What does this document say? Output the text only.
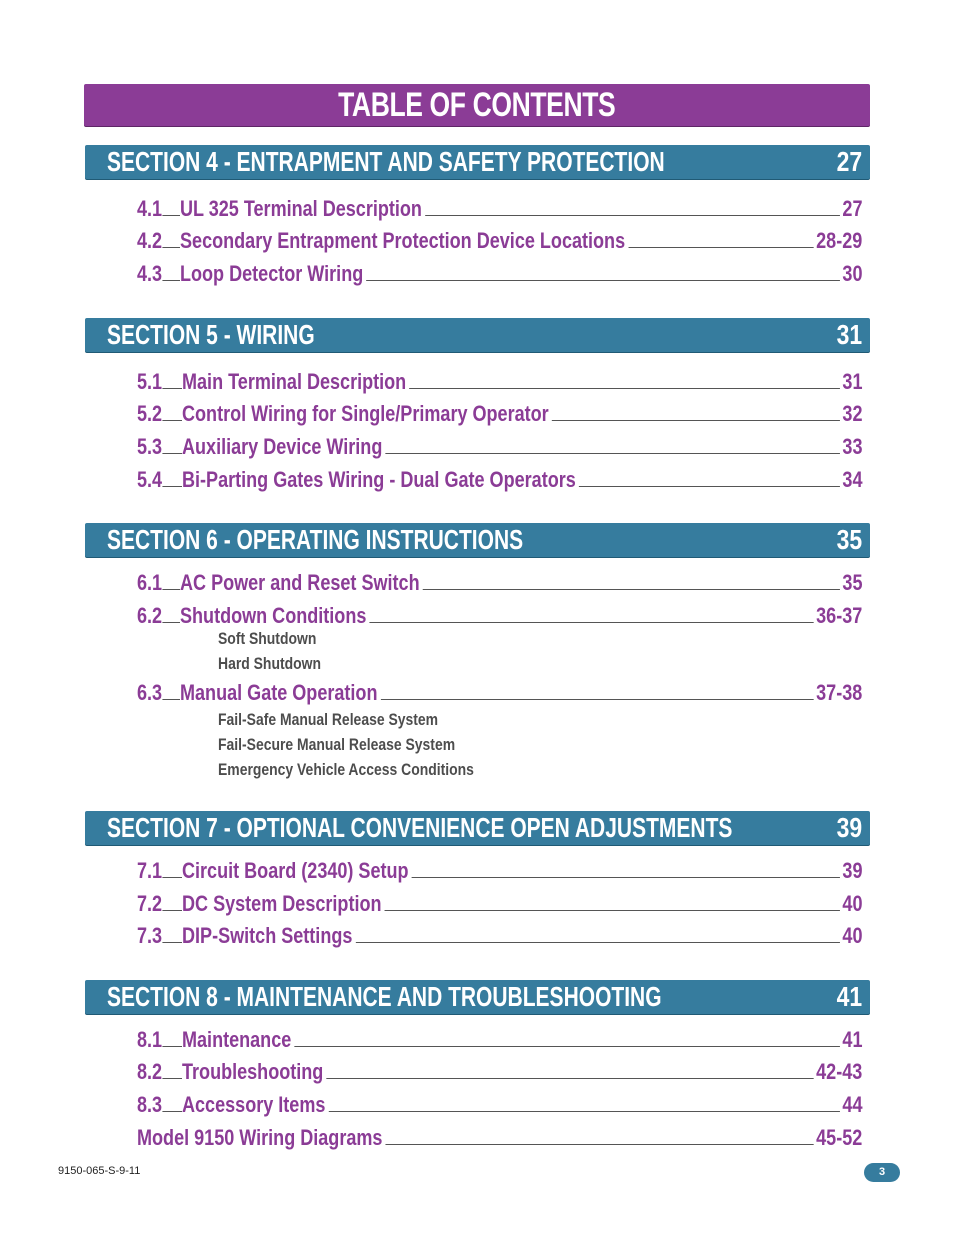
TABLE OF CONTENTS
SECTION 4 - ENTRAPMENT AND SAFETY PROTECTION	27
4.1 UL 325 Terminal Description	27
4.2 Secondary Entrapment Protection Device Locations	28-29
4.3 Loop Detector Wiring	30
SECTION 5 - WIRING	31
5.1 Main Terminal Description	31
5.2 Control Wiring for Single/Primary Operator	32
5.3 Auxiliary Device Wiring	33
5.4 Bi-Parting Gates Wiring - Dual Gate Operators	34
SECTION 6 - OPERATING INSTRUCTIONS	35
6.1 AC Power and Reset Switch	35
6.2 Shutdown Conditions	36-37
Soft Shutdown
Hard Shutdown
6.3 Manual Gate Operation	37-38
Fail-Safe Manual Release System
Fail-Secure Manual Release System
Emergency Vehicle Access Conditions
SECTION 7 - OPTIONAL CONVENIENCE OPEN ADJUSTMENTS	39
7.1 Circuit Board (2340) Setup	39
7.2 DC System Description	40
7.3 DIP-Switch Settings	40
SECTION 8 - MAINTENANCE AND TROUBLESHOOTING	41
8.1 Maintenance	41
8.2 Troubleshooting	42-43
8.3 Accessory Items	44
Model 9150 Wiring Diagrams	45-52
9150-065-S-9-11	3
